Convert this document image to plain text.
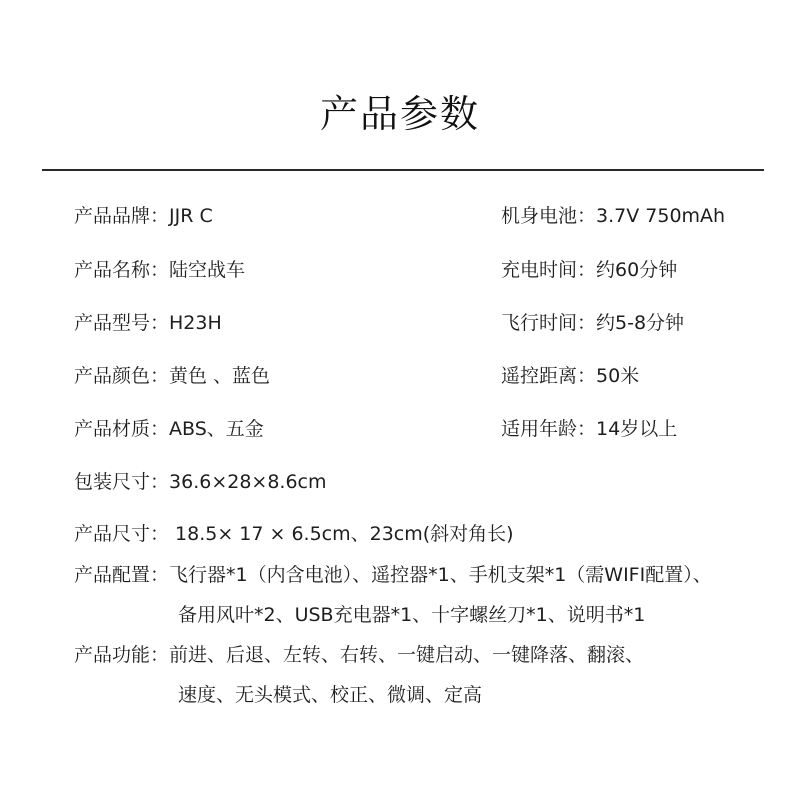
产品参数
产品品牌：JJR C
产品名称：陆空战车
产品型号：H23H
产品颜色：黄色 、蓝色
产品材质：ABS、五金
机身电池：3.7V 750mAh
充电时间：约60分钟
飞行时间：约5-8分钟
遥控距离：50米
适用年龄：14岁以上
包装尺寸：36.6×28×8.6cm
产品尺寸： 18.5× 17 × 6.5cm、23cm(斜对角长)
产品配置：飞行器*1（内含电池）、遥控器*1、手机支架*1（需WIFI配置）、
备用风叶*2、USB充电器*1、十字螺丝刀*1、说明书*1
产品功能：前进、后退、左转、右转、一键启动、一键降落、翻滚、
速度、无头模式、校正、微调、定高
